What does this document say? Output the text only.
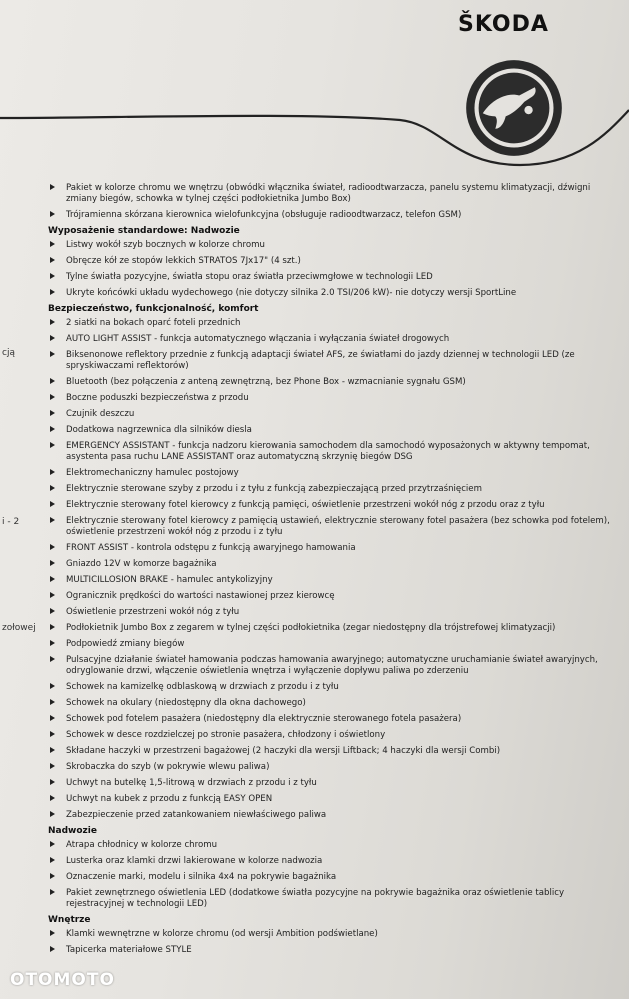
ŠKODA
cją
i - 2
zołowej
Pakiet w kolorze chromu we wnętrzu (obwódki włącznika świateł, radioodtwarzacza, panelu systemu klimatyzacji, dźwigni zmiany biegów, schowka w tylnej części podłokietnika Jumbo Box)
Trójramienna skórzana kierownica wielofunkcyjna (obsługuje radioodtwarzacz, telefon GSM)
Wyposażenie standardowe: Nadwozie
Listwy wokół szyb bocznych w kolorze chromu
Obręcze kół ze stopów lekkich STRATOS 7Jx17" (4 szt.)
Tylne światła pozycyjne, światła stopu oraz światła przeciwmgłowe w technologii LED
Ukryte końcówki układu wydechowego (nie dotyczy silnika 2.0 TSI/206 kW)- nie dotyczy wersji SportLine
Bezpieczeństwo, funkcjonalność, komfort
2 siatki na bokach oparć foteli przednich
AUTO LIGHT ASSIST - funkcja automatycznego włączania i wyłączania świateł drogowych
Biksenonowe reflektory przednie z funkcją adaptacji świateł AFS, ze światłami do jazdy dziennej w technologii LED (ze spryskiwaczami reflektorów)
Bluetooth (bez połączenia z anteną zewnętrzną, bez Phone Box - wzmacnianie sygnału GSM)
Boczne poduszki bezpieczeństwa z przodu
Czujnik deszczu
Dodatkowa nagrzewnica dla silników diesla
EMERGENCY ASSISTANT - funkcja nadzoru kierowania samochodem dla samochodó wyposażonych w aktywny tempomat, asystenta pasa ruchu LANE ASSISTANT oraz automatyczną skrzynię biegów DSG
Elektromechaniczny hamulec postojowy
Elektrycznie sterowane szyby z przodu i z tyłu z funkcją zabezpieczającą przed przytrzaśnięciem
Elektrycznie sterowany fotel kierowcy z funkcją pamięci, oświetlenie przestrzeni wokół nóg z przodu oraz z tyłu
Elektrycznie sterowany fotel kierowcy z pamięcią ustawień, elektrycznie sterowany fotel pasażera (bez schowka pod fotelem), oświetlenie przestrzeni wokół nóg z przodu i z tyłu
FRONT ASSIST - kontrola odstępu z funkcją awaryjnego hamowania
Gniazdo 12V w komorze bagażnika
MULTICILLOSION BRAKE - hamulec antykolizyjny
Ogranicznik prędkości do wartości nastawionej przez kierowcę
Oświetlenie przestrzeni wokół nóg z tyłu
Podłokietnik Jumbo Box z zegarem w tylnej części podłokietnika (zegar niedostępny dla trójstrefowej klimatyzacji)
Podpowiedź zmiany biegów
Pulsacyjne działanie świateł hamowania podczas hamowania awaryjnego; automatyczne uruchamianie świateł awaryjnych, odryglowanie drzwi, włączenie oświetlenia wnętrza i wyłączenie dopływu paliwa po zderzeniu
Schowek na kamizelkę odblaskową w drzwiach z przodu i z tyłu
Schowek na okulary (niedostępny dla okna dachowego)
Schowek pod fotelem pasażera (niedostępny dla elektrycznie sterowanego fotela pasażera)
Schowek w desce rozdzielczej po stronie pasażera, chłodzony i oświetlony
Składane haczyki w przestrzeni bagażowej (2 haczyki dla wersji Liftback; 4 haczyki dla wersji Combi)
Skrobaczka do szyb (w pokrywie wlewu paliwa)
Uchwyt na butelkę 1,5-litrową w drzwiach z przodu i z tyłu
Uchwyt na kubek z przodu z funkcją EASY OPEN
Zabezpieczenie przed zatankowaniem niewłaściwego paliwa
Nadwozie
Atrapa chłodnicy w kolorze chromu
Lusterka oraz klamki drzwi lakierowane w kolorze nadwozia
Oznaczenie marki, modelu i silnika 4x4 na pokrywie bagażnika
Pakiet zewnętrznego oświetlenia LED (dodatkowe światła pozycyjne na pokrywie bagażnika oraz oświetlenie tablicy rejestracyjnej w technologii LED)
Wnętrze
Klamki wewnętrzne w kolorze chromu (od wersji Ambition podświetlane)
Tapicerka materiałowe STYLE
OTOMOTO
